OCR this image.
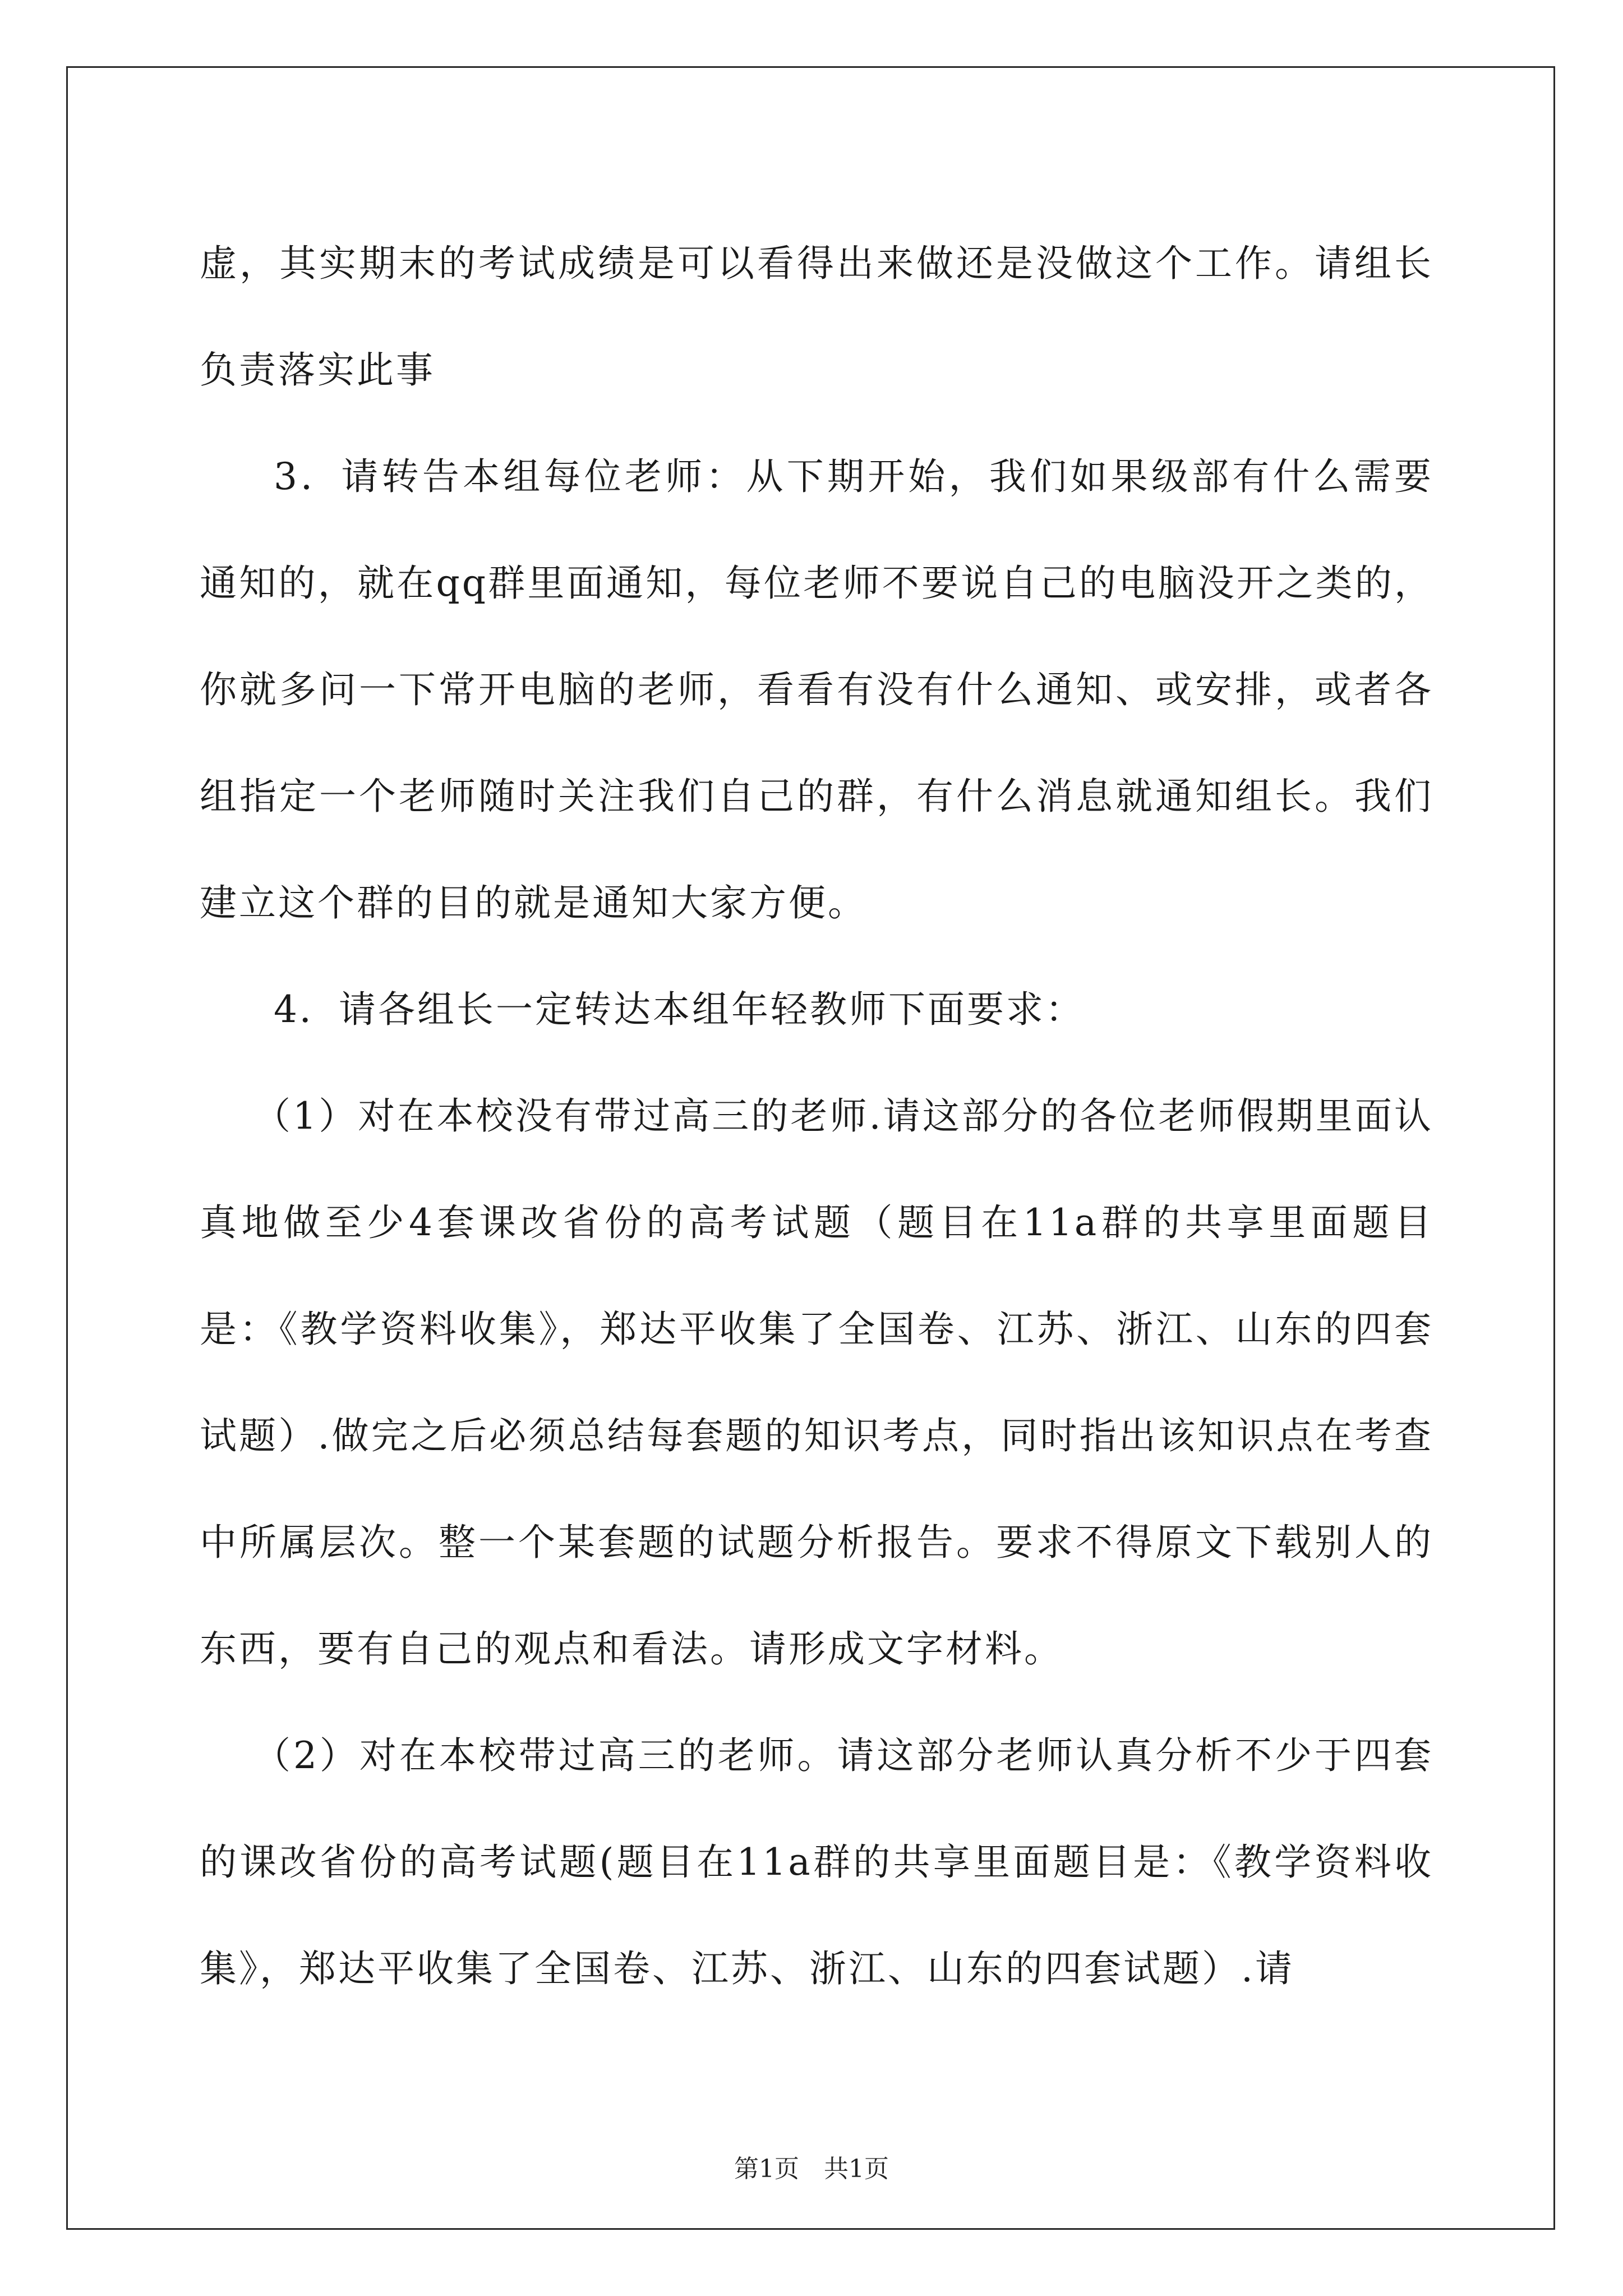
虚，其实期末的考试成绩是可以看得出来做还是没做这个工作。请组长负责落实此事

3．请转告本组每位老师：从下期开始，我们如果级部有什么需要通知的，就在qq群里面通知，每位老师不要说自己的电脑没开之类的，你就多问一下常开电脑的老师，看看有没有什么通知、或安排，或者各组指定一个老师随时关注我们自己的群，有什么消息就通知组长。我们建立这个群的目的就是通知大家方便。

4．请各组长一定转达本组年轻教师下面要求：

（1）对在本校没有带过高三的老师.请这部分的各位老师假期里面认真地做至少4套课改省份的高考试题（题目在11a群的共享里面题目是：《教学资料收集》，郑达平收集了全国卷、江苏、浙江、山东的四套试题）.做完之后必须总结每套题的知识考点，同时指出该知识点在考查中所属层次。整一个某套题的试题分析报告。要求不得原文下载别人的东西，要有自己的观点和看法。请形成文字材料。

（2）对在本校带过高三的老师。请这部分老师认真分析不少于四套的课改省份的高考试题(题目在11a群的共享里面题目是：《教学资料收集》，郑达平收集了全国卷、江苏、浙江、山东的四套试题）.请

第1页　共1页
